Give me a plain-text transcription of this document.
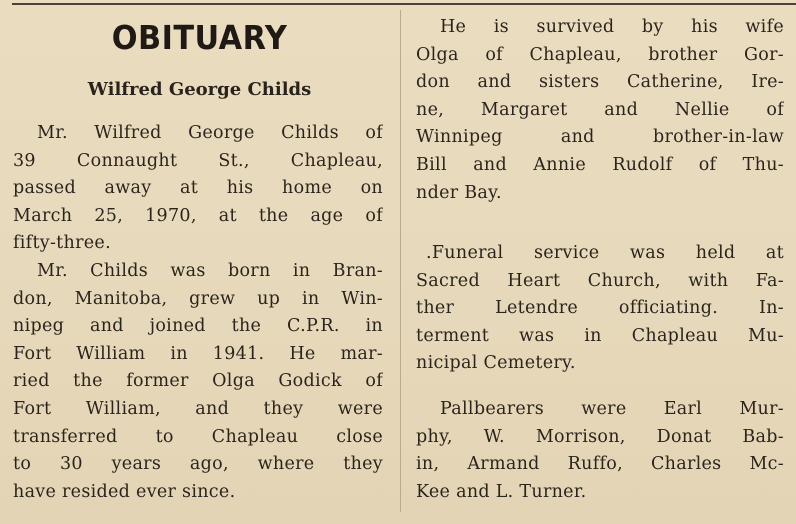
OBITUARY
Wilfred George Childs
Mr. Wilfred George Childs of
39 Connaught St., Chapleau,
passed away at his home on
March 25, 1970, at the age of
fifty-three.
Mr. Childs was born in Bran-
don, Manitoba, grew up in Win-
nipeg and joined the C.P.R. in
Fort William in 1941. He mar-
ried the former Olga Godick of
Fort William, and they were
transferred to Chapleau close
to 30 years ago, where they
have resided ever since.
He is survived by his wife
Olga of Chapleau, brother Gor-
don and sisters Catherine, Ire-
ne, Margaret and Nellie of
Winnipeg and brother-in-law
Bill and Annie Rudolf of Thu-
nder Bay.
.Funeral service was held at
Sacred Heart Church, with Fa-
ther Letendre officiating. In-
terment was in Chapleau Mu-
nicipal Cemetery.
Pallbearers were Earl Mur-
phy, W. Morrison, Donat Bab-
in, Armand Ruffo, Charles Mc-
Kee and L. Turner.
